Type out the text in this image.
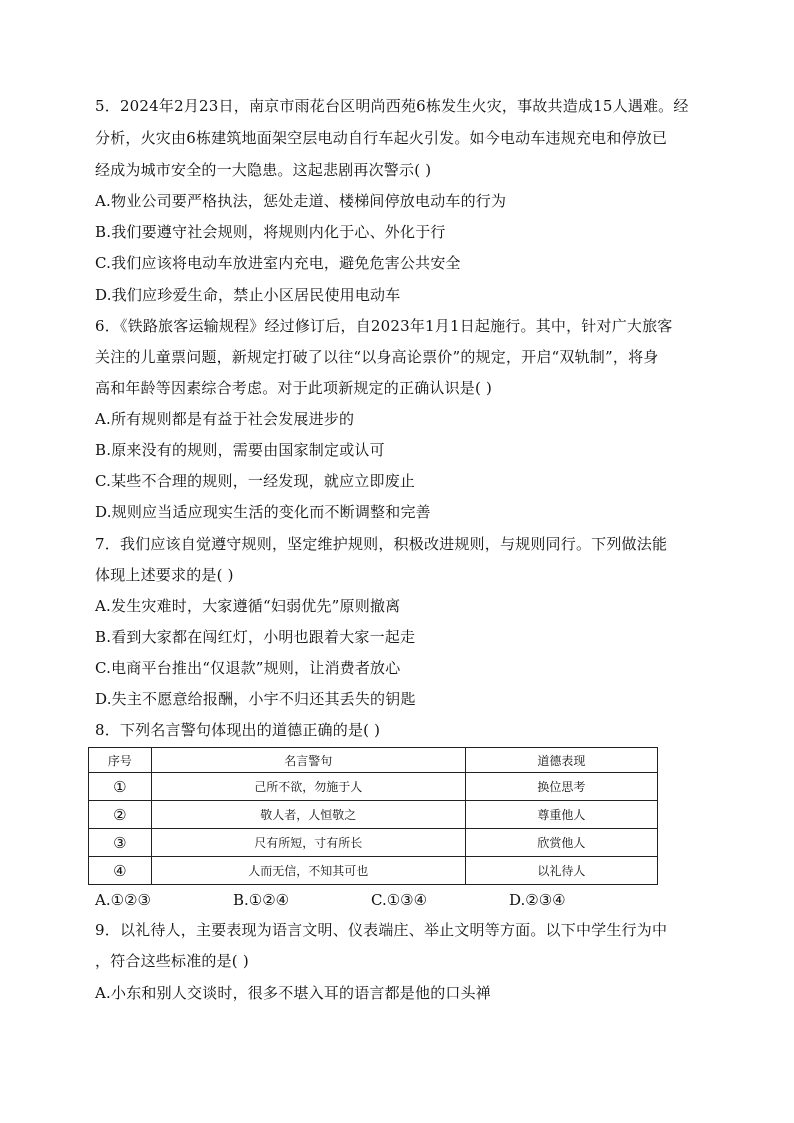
5．2024年2月23日，南京市雨花台区明尚西苑6栋发生火灾，事故共造成15人遇难。经
分析，火灾由6栋建筑地面架空层电动自行车起火引发。如今电动车违规充电和停放已
经成为城市安全的一大隐患。这起悲剧再次警示( )
A.物业公司要严格执法，惩处走道、楼梯间停放电动车的行为
B.我们要遵守社会规则，将规则内化于心、外化于行
C.我们应该将电动车放进室内充电，避免危害公共安全
D.我们应珍爱生命，禁止小区居民使用电动车
6．《铁路旅客运输规程》经过修订后，自2023年1月1日起施行。其中，针对广大旅客
关注的儿童票问题，新规定打破了以往“以身高论票价”的规定，开启“双轨制”，将身
高和年龄等因素综合考虑。对于此项新规定的正确认识是( )
A.所有规则都是有益于社会发展进步的
B.原来没有的规则，需要由国家制定或认可
C.某些不合理的规则，一经发现，就应立即废止
D.规则应当适应现实生活的变化而不断调整和完善
7．我们应该自觉遵守规则，坚定维护规则，积极改进规则，与规则同行。下列做法能
体现上述要求的是( )
A.发生灾难时，大家遵循“妇弱优先”原则撤离
B.看到大家都在闯红灯，小明也跟着大家一起走
C.电商平台推出“仅退款”规则，让消费者放心
D.失主不愿意给报酬，小宇不归还其丢失的钥匙
8．下列名言警句体现出的道德正确的是( )
序号	名言警句	道德表现
①	己所不欲，勿施于人	换位思考
②	敬人者，人恒敬之	尊重他人
③	尺有所短，寸有所长	欣赏他人
④	人而无信，不知其可也	以礼待人
A.①②③	B.①②④	C.①③④	D.②③④
9．以礼待人，主要表现为语言文明、仪表端庄、举止文明等方面。以下中学生行为中
，符合这些标准的是( )
A.小东和别人交谈时，很多不堪入耳的语言都是他的口头禅
